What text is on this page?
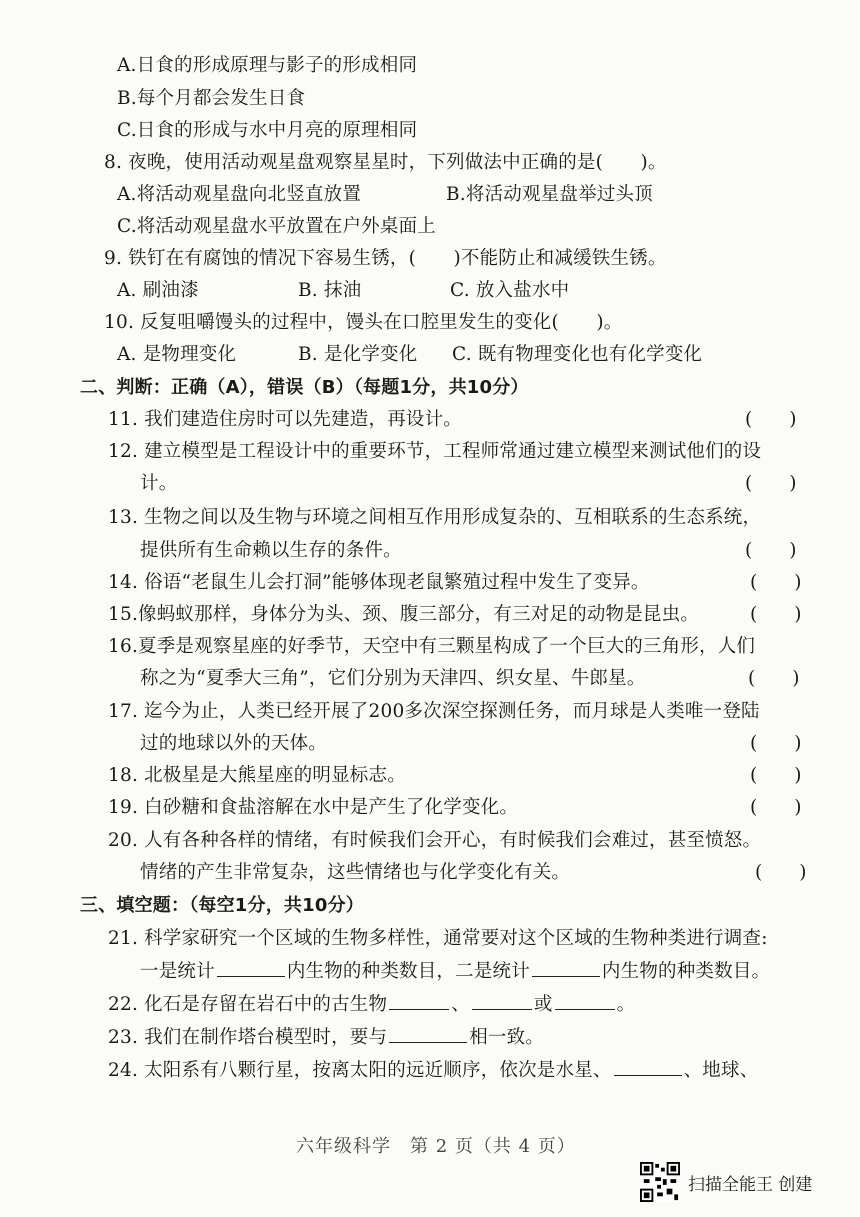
A.日食的形成原理与影子的形成相同
B.每个月都会发生日食
C.日食的形成与水中月亮的原理相同
8. 夜晚，使用活动观星盘观察星星时，下列做法中正确的是(　　)。
A.将活动观星盘向北竖直放置	B.将活动观星盘举过头顶
C.将活动观星盘水平放置在户外桌面上
9. 铁钉在有腐蚀的情况下容易生锈，(　　)不能防止和减缓铁生锈。
A. 刷油漆	B. 抹油	C. 放入盐水中
10. 反复咀嚼馒头的过程中，馒头在口腔里发生的变化(　　)。
A. 是物理变化	B. 是化学变化 C. 既有物理变化也有化学变化
二、判断：正确（A），错误（B）（每题1分，共10分）
11. 我们建造住房时可以先建造，再设计。	(　　)
12. 建立模型是工程设计中的重要环节，工程师常通过建立模型来测试他们的设
计。	(　　)
13. 生物之间以及生物与环境之间相互作用形成复杂的、互相联系的生态系统，
提供所有生命赖以生存的条件。	(　　)
14. 俗语“老鼠生儿会打洞”能够体现老鼠繁殖过程中发生了变异。	(　　)
15.像蚂蚁那样，身体分为头、颈、腹三部分，有三对足的动物是昆虫。	(　　)
16.夏季是观察星座的好季节，天空中有三颗星构成了一个巨大的三角形，人们
称之为“夏季大三角”，它们分别为天津四、织女星、牛郎星。	(　　)
17. 迄今为止，人类已经开展了200多次深空探测任务，而月球是人类唯一登陆
过的地球以外的天体。	(　　)
18. 北极星是大熊星座的明显标志。	(　　)
19. 白砂糖和食盐溶解在水中是产生了化学变化。	(　　)
20. 人有各种各样的情绪，有时候我们会开心，有时候我们会难过，甚至愤怒。
情绪的产生非常复杂，这些情绪也与化学变化有关。	(　　)
三、填空题：（每空1分，共10分）
21. 科学家研究一个区域的生物多样性，通常要对这个区域的生物种类进行调查:
一是统计	内生物的种类数目，二是统计	内生物的种类数目。
22. 化石是存留在岩石中的古生物	、	或	。
23. 我们在制作塔台模型时，要与	相一致。
24. 太阳系有八颗行星，按离太阳的远近顺序，依次是水星、	、地球、
六年级科学　第 2 页（共 4 页）
扫描全能王 创建
